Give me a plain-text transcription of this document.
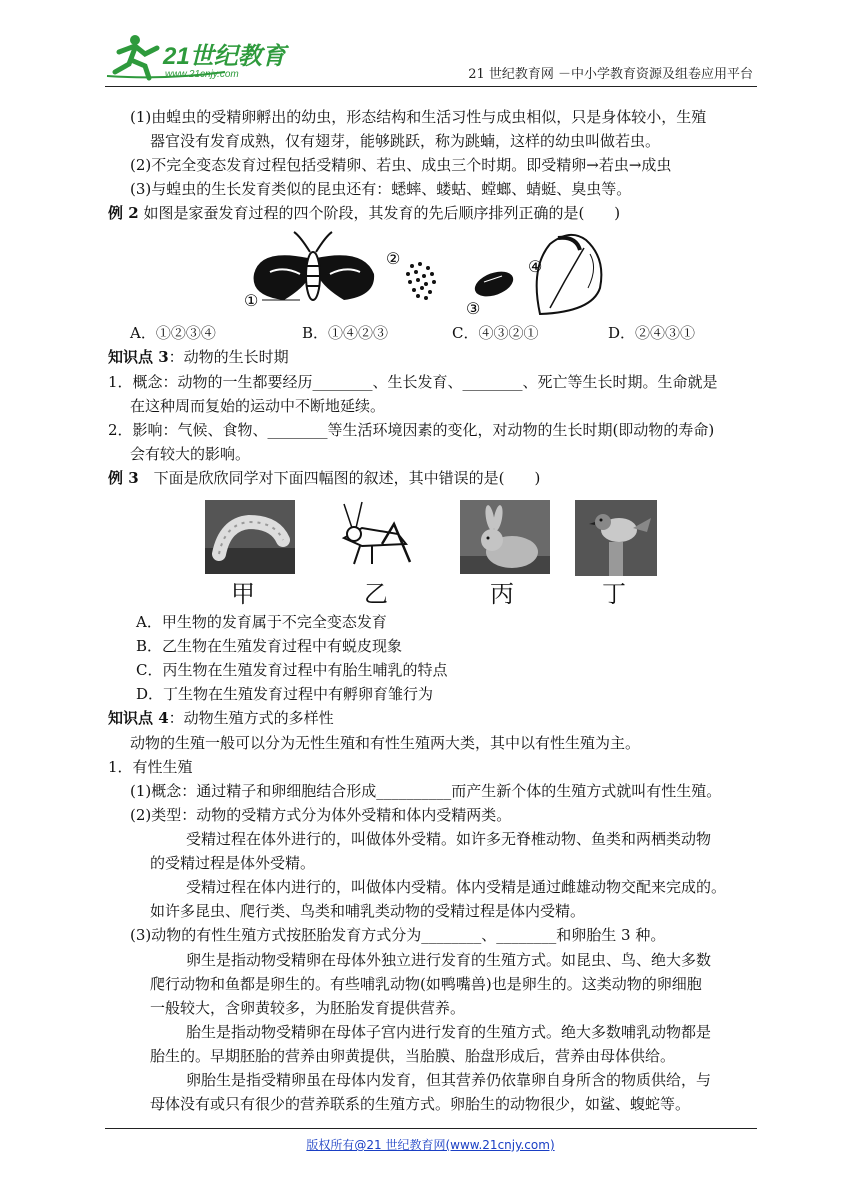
21世纪教育
www.21cnjy.com	21 世纪教育网 －中小学教育资源及组卷应用平台
(1)由蝗虫的受精卵孵出的幼虫，形态结构和生活习性与成虫相似，只是身体较小，生殖
器官没有发育成熟，仅有翅芽，能够跳跃，称为跳蝻，这样的幼虫叫做若虫。
(2)不完全变态发育过程包括受精卵、若虫、成虫三个时期。即受精卵→若虫→成虫
(3)与蝗虫的生长发育类似的昆虫还有：蟋蟀、蝼蛄、螳螂、蜻蜓、臭虫等。
例 2 如图是家蚕发育过程的四个阶段，其发育的先后顺序排列正确的是(　　)
①
②
③
④
A．①②③④	B．①④②③	C．④③②①	D．②④③①
知识点 3：动物的生长时期
1．概念：动物的一生都要经历________、生长发育、________、死亡等生长时期。生命就是
在这种周而复始的运动中不断地延续。
2．影响：气候、食物、________等生活环境因素的变化，对动物的生长时期(即动物的寿命)
会有较大的影响。
例 3　下面是欣欣同学对下面四幅图的叙述，其中错误的是(　　)
甲	乙	丙	丁
A．甲生物的发育属于不完全变态发育
B．乙生物在生殖发育过程中有蜕皮现象
C．丙生物在生殖发育过程中有胎生哺乳的特点
D．丁生物在生殖发育过程中有孵卵育雏行为
知识点 4：动物生殖方式的多样性
动物的生殖一般可以分为无性生殖和有性生殖两大类，其中以有性生殖为主。
1．有性生殖
(1)概念：通过精子和卵细胞结合形成__________而产生新个体的生殖方式就叫有性生殖。
(2)类型：动物的受精方式分为体外受精和体内受精两类。
受精过程在体外进行的，叫做体外受精。如许多无脊椎动物、鱼类和两栖类动物
的受精过程是体外受精。
受精过程在体内进行的，叫做体内受精。体内受精是通过雌雄动物交配来完成的。
如许多昆虫、爬行类、鸟类和哺乳类动物的受精过程是体内受精。
(3)动物的有性生殖方式按胚胎发育方式分为________、________和卵胎生 3 种。
卵生是指动物受精卵在母体外独立进行发育的生殖方式。如昆虫、鸟、绝大多数
爬行动物和鱼都是卵生的。有些哺乳动物(如鸭嘴兽)也是卵生的。这类动物的卵细胞
一般较大，含卵黄较多，为胚胎发育提供营养。
胎生是指动物受精卵在母体子宫内进行发育的生殖方式。绝大多数哺乳动物都是
胎生的。早期胚胎的营养由卵黄提供，当胎膜、胎盘形成后，营养由母体供给。
卵胎生是指受精卵虽在母体内发育，但其营养仍依靠卵自身所含的物质供给，与
母体没有或只有很少的营养联系的生殖方式。卵胎生的动物很少，如鲨、蝮蛇等。
版权所有@21 世纪教育网(www.21cnjy.com)
